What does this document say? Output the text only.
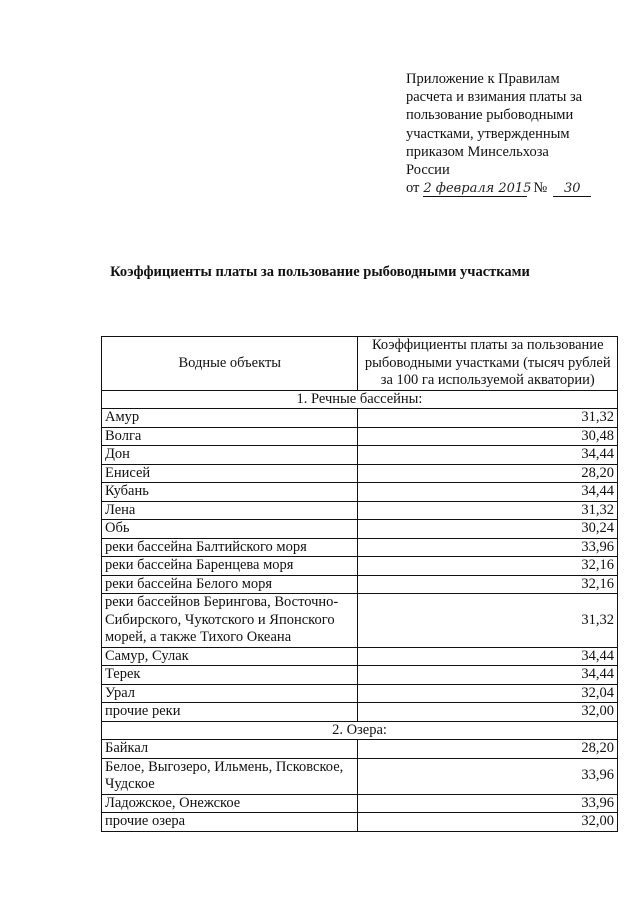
Приложение к Правилам
расчета и взимания платы за
пользование рыбоводными
участками, утвержденным
приказом Минсельхоза
России
от 2 февраля 2015 №	30
Коэффициенты платы за пользование рыбоводными участками
Водные объекты	Коэффициенты платы за пользование рыбоводными участками (тысяч рублей за 100 га используемой акватории)
1. Речные бассейны:	
Амур	31,32
Волга	30,48
Дон	34,44
Енисей	28,20
Кубань	34,44
Лена	31,32
Обь	30,24
реки бассейна Балтийского моря	33,96
реки бассейна Баренцева моря	32,16
реки бассейна Белого моря	32,16
реки бассейнов Берингова, Восточно-Сибирского, Чукотского и Японского морей, а также Тихого Океана	31,32
Самур, Сулак	34,44
Терек	34,44
Урал	32,04
прочие реки	32,00
2. Озера:	
Байкал	28,20
Белое, Выгозеро, Ильмень, Псковское, Чудское	33,96
Ладожское, Онежское	33,96
прочие озера	32,00
